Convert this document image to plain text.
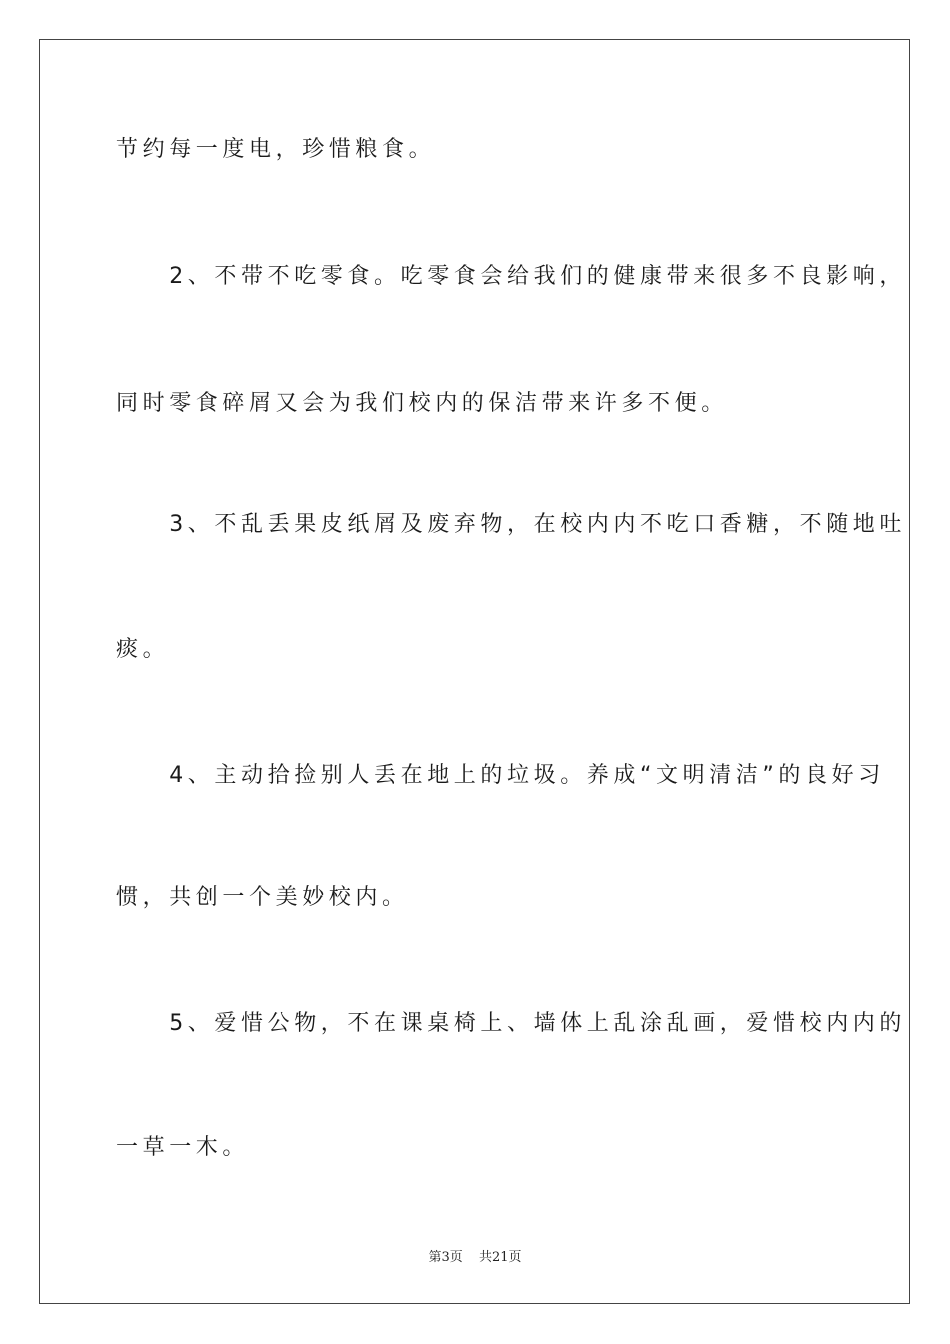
节约每一度电，珍惜粮食。
　　2、不带不吃零食。吃零食会给我们的健康带来很多不良影响，
同时零食碎屑又会为我们校内的保洁带来许多不便。
　　3、不乱丢果皮纸屑及废弃物，在校内内不吃口香糖，不随地吐
痰。
　　4、主动拾捡别人丢在地上的垃圾。养成“文明清洁”的良好习
惯，共创一个美妙校内。
　　5、爱惜公物，不在课桌椅上、墙体上乱涂乱画，爱惜校内内的
一草一木。
第3页 共21页
